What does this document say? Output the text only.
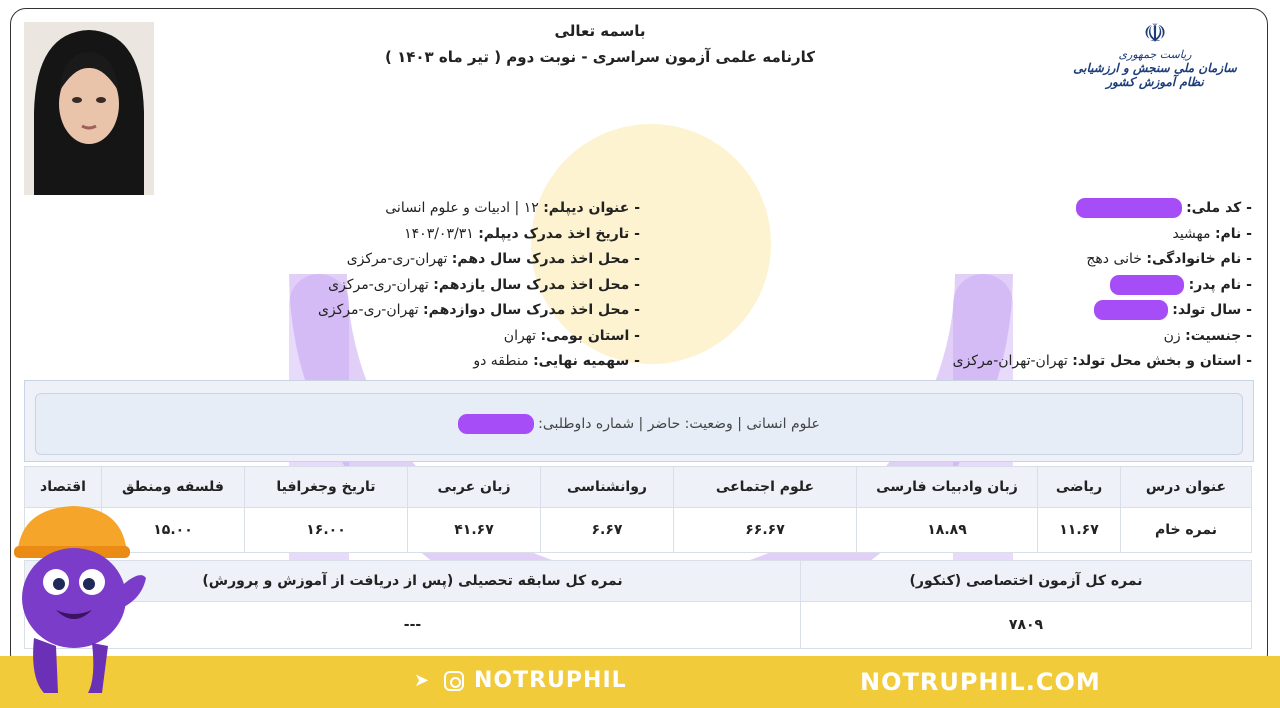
باسمه تعالی
کارنامه علمی آزمون سراسری - نوبت دوم ( تیر ماه ۱۴۰۳ )
☫
ریاست جمهوری
سازمان ملی سنجش و ارزشیابی نظام آموزش کشور
- کد ملی:
- نام: مهشید
- نام خانوادگی: خانی دهج
- نام پدر:
- سال تولد:
- جنسیت: زن
- استان و بخش محل تولد: تهران-تهران-مرکزی
- عنوان دیپلم: ۱۲ | ادبیات و علوم انسانی
- تاریخ اخذ مدرک دیپلم: ۱۴۰۳/۰۳/۳۱
- محل اخذ مدرک سال دهم: تهران-ری-مرکزی
- محل اخذ مدرک سال یازدهم: تهران-ری-مرکزی
- محل اخذ مدرک سال دوازدهم: تهران-ری-مرکزی
- استان بومی: تهران
- سهمیه نهایی: منطقه دو
علوم انسانی | وضعیت: حاضر | شماره داوطلبی:
عنوان درس	ریاضی	زبان وادبیات فارسی	علوم اجتماعی	روانشناسی	زبان عربی	تاریخ وجغرافیا	فلسفه ومنطق	اقتصاد
نمره خام	۱۱.۶۷	۱۸.۸۹	۶۶.۶۷	۶.۶۷	۴۱.۶۷	۱۶.۰۰	۱۵.۰۰	
نمره کل آزمون اختصاصی (کنکور)	نمره کل سابقه تحصیلی (پس از دریافت از آموزش و پرورش)
۷۸۰۹	---
➤ NOTRUPHIL	NOTRUPHIL.COM
